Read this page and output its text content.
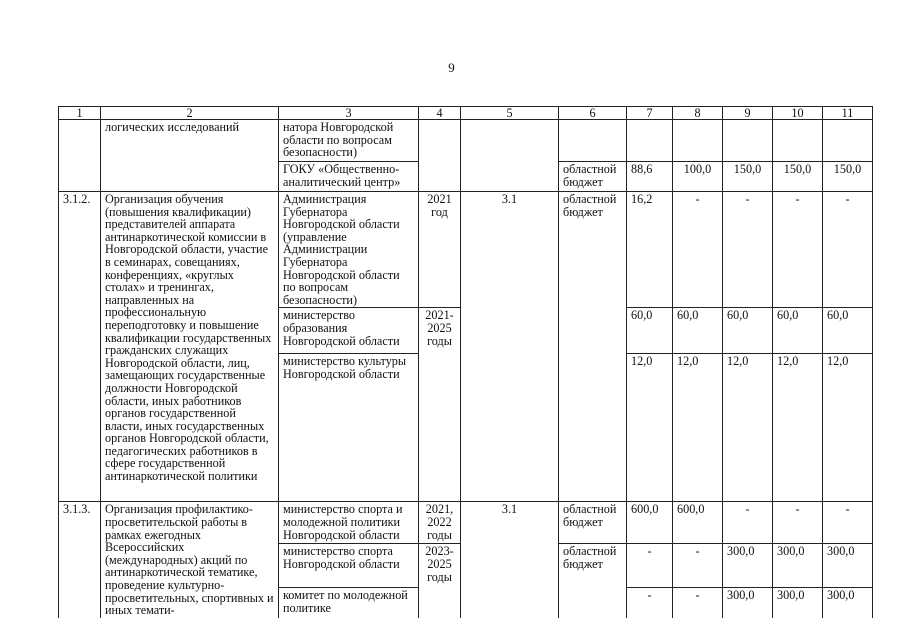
9
1	2	3	4	5	6	7	8	9	10	11
	логических исследований	натора Новгородской области по вопросам безопасности)								
		ГОКУ «Общественно-аналитический центр»			областной бюджет	88,6	100,0	150,0	150,0	150,0
3.1.2.	Организация обучения (повышения квалификации) представителей аппарата антинаркотической комиссии в Новгородской области, участие в семинарах, совещаниях, конференциях, «круглых столах» и тренингах, направленных на профессиональную переподготовку и повышение квалификации государственных гражданских служащих Новгородской области, лиц, замещающих государственные должности Новгородской области, иных работников органов государственной власти, иных государственных органов Новгородской области, педагогических работников в сфере государственной антинаркотической политики	Администрация Губернатора Новгородской области (управление Администрации Губернатора Новгородской области по вопросам безопасности)	2021 год	3.1	областной бюджет	16,2	-	-	-	-
		министерство образования Новгородской области	2021-2025 годы			60,0	60,0	60,0	60,0	60,0
		министерство культуры Новгородской области				12,0	12,0	12,0	12,0	12,0
3.1.3.	Организация профилактико-просветительской работы в рамках ежегодных Всероссийских (международных) акций по антинаркотической тематике, проведение культурно-просветительных, спортивных и иных темати-	министерство спорта и молодежной политики Новгородской области	2021, 2022 годы	3.1	областной бюджет	600,0	600,0	-	-	-
		министерство спорта Новгородской области	2023-2025 годы		областной бюджет	-	-	300,0	300,0	300,0
		комитет по молодежной политике				-	-	300,0	300,0	300,0
